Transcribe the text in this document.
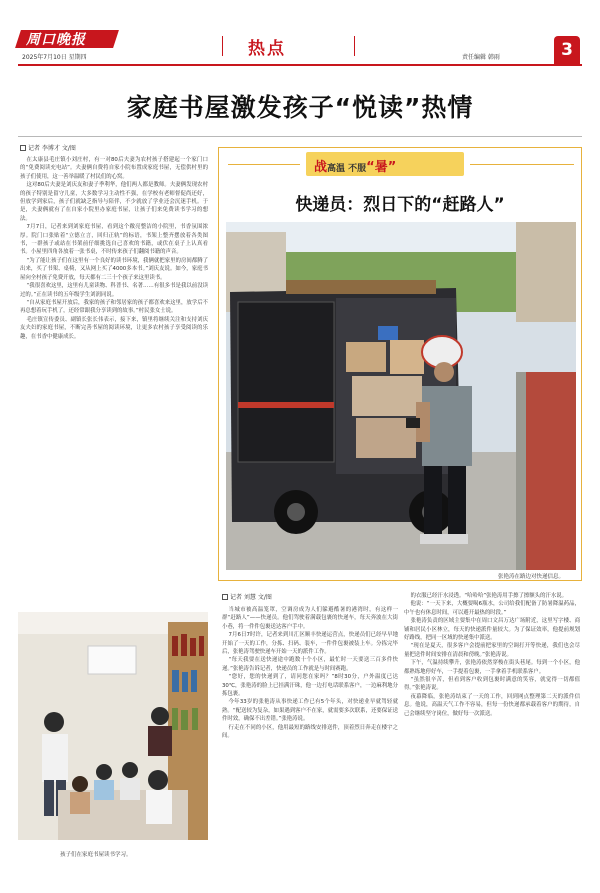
周口晚报
2025年7月10日 星期四	热点	责任编辑 韩雨	3
家庭书屋激发孩子“悦读”热情
记者 李博才 文/图

在太康县毛庄镇小刘庄村，有一对80后夫妻为农村孩子搭建起一个家门口的“免费阅读充电站”。夫妻俩自费将自家小院布置成家庭书屋，无偿供村里的孩子们使用，这一善举温暖了村民们的心窝。

这对80后夫妻是刘庆友和妻子季利华，他们两人都是教师。夫妻俩发现农村的孩子特别是留守儿童，大多数学习主动性不强，在学校有老师督促尚还好，但放学到家后，孩子们就缺乏指导与陪伴，不少就放了学业还会沉迷手机。于是，夫妻俩就有了在自家小院里办家庭书屋，让孩子们来免费读书学习的想法。

7月7日，记者来到刘家庭书屋，看到这个敞亮整洁的小院里，书香氛围浓厚。院门口张贴着“立德立言，回归正轨”的标语，书架上整齐摆放着各类图书，一群孩子或站在书架前仔细挑选自己喜欢的书籍，或伏在桌子上认真看书。小屋里四角各放着一张书桌，不时传来孩子们翻阅书籍的声音。

“为了能让孩子们在这里有一个良好的读书环境，我俩就把家里的房间都腾了出来，买了书架、桌椅，又从网上买了4000多本书。”刘庆友说。如今，家庭书屋向全村孩子免费开放，每天都有二三十个孩子来这里读书。

“我很喜欢这里，这里有儿童读物、科普书、名著……有很多书是我以前没读过的。”正在读书的五年级学生刘润同说。

“自从家庭书屋开放后，我家的孩子和邻居家的孩子都喜欢来这里，放学后不再总想着玩手机了，还经常跟我分享读到的故事。”村民张女士说。

毛庄镇宣传委员、副镇长张长伟表示，接下来，镇里将继续关注和支持刘庆友夫妇的家庭书屋，不断完善书屋的阅读环境，让更多农村孩子享受阅读的乐趣，在书香中健康成长。

孩子们在家庭书屋读书学习。
战高温 不服“暑”
快递员：烈日下的“赶路人”
张艳涛在路边对快递信息。
记者 刘慧 文/图

当城市被高温笼罩，空调房成为人们躲避酷暑的港湾时，有这样一群“赶路人”——快递员。他们驾驶着满载包裹的快递车，每天奔波在大街小巷，将一件件包裹送达客户手中。

7月6日7时许，记者来到川汇区顺丰快递运营点，快递员们已经早早地开始了一天的工作，分拣、扫码、装车，一件件包裹被装上车。分拣完毕后，张艳涛驾驶快递车开始一天的派件工作。

“每天我要在送快递途中跑数十个小区，最忙时一天要送三百多件快递。”张艳涛告诉记者，快递员的工作就是与时间赛跑。

“您好，您的快递到了，请问您在家吗？”8时30分，户外温度已达30℃，张艳涛的脸上已挂满汗珠，他一边打电话联系客户，一边麻利地分拣包裹。

今年33岁的张艳涛从事快递工作已有5个年头，对快递业早就驾轻就熟。“配送较为复杂，如果遇到客户不在家，就需要多次联系，还要保证送件时效，确保不出差错。”张艳涛说。

行走在不同的小区，他用最短的路线安排送件，顶着烈日奔走在楼宇之间。

的衣服已经汗水浸透。“哈哈哈”张艳涛用手擦了擦额头的汗水说。

他说：“一天下来，大概要喝6瓶水，公司给我们配备了防暑降温药品，中午也有休息时间，可以避开最热的时段。”

张艳涛负责的区域主要集中在周口文昌万达广场附近，这里写字楼、商铺和居民小区林立，每天的快递派件量较大。为了保证效率，他提前规划好路线，把同一区域的快递集中派送。

“现在是夏天，很多客户会提前把家里的空调打开等快递，我们也会尽量把送件时间安排在清晨和傍晚。”张艳涛说。

下午，气温持续攀升，张艳涛依然穿梭在街头巷尾。每到一个小区，他都熟练地停好车，一手提着包裹，一手拿着手机联系客户。

“虽然很辛苦，但看到客户收到包裹时满意的笑容，就觉得一切都值得。”张艳涛说。

夜幕降临，张艳涛结束了一天的工作，回到网点整理第二天的派件信息。他说，高温天气工作不容易，但每一份快递都承载着客户的期待，自己会继续坚守岗位，做好每一次派送。
